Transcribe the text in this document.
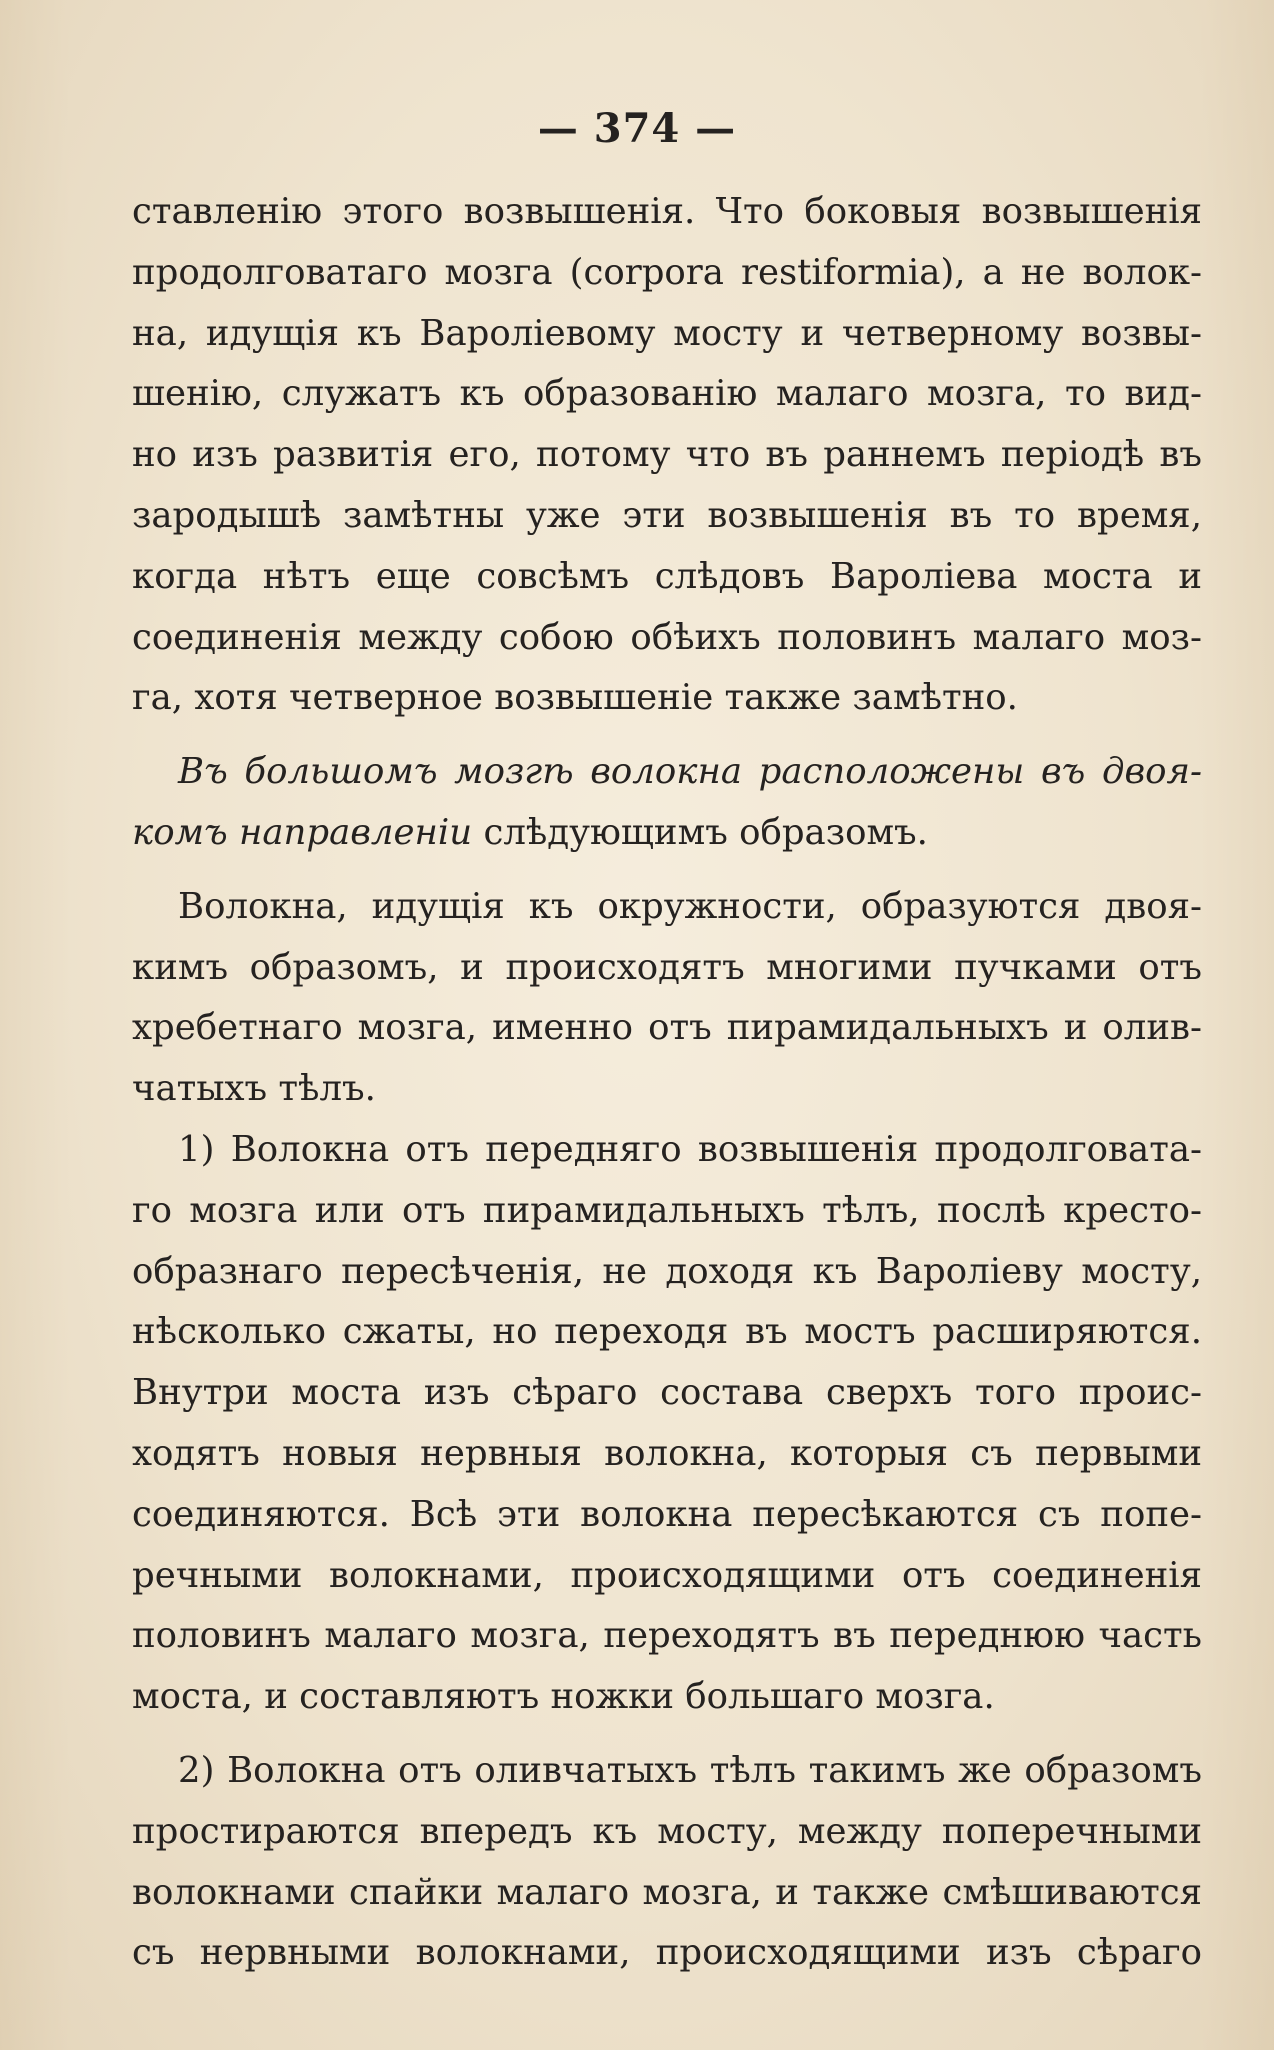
— 374 —
ставленію этого возвышенія. Что боковыя возвышенія
продолговатаго мозга (corpora restiformia), а не волок-
на, идущія къ Вароліевому мосту и четверному возвы-
шенію, служатъ къ образованію малаго мозга, то вид-
но изъ развитія его, потому что въ раннемъ періодѣ въ
зародышѣ замѣтны уже эти возвышенія въ то время,
когда нѣтъ еще совсѣмъ слѣдовъ Вароліева моста и
соединенія между собою обѣихъ половинъ малаго моз-
га, хотя четверное возвышеніе также замѣтно.
Въ большомъ мозгѣ волокна расположены въ двоя-
комъ направленіи слѣдующимъ образомъ.
Волокна, идущія къ окружности, образуются двоя-
кимъ образомъ, и происходятъ многими пучками отъ
хребетнаго мозга, именно отъ пирамидальныхъ и олив-
чатыхъ тѣлъ.
1) Волокна отъ передняго возвышенія продолговата-
го мозга или отъ пирамидальныхъ тѣлъ, послѣ кресто-
образнаго пересѣченія, не доходя къ Вароліеву мосту,
нѣсколько сжаты, но переходя въ мостъ расширяются.
Внутри моста изъ сѣраго состава сверхъ того проис-
ходятъ новыя нервныя волокна, которыя съ первыми
соединяются. Всѣ эти волокна пересѣкаются съ попе-
речными волокнами, происходящими отъ соединенія
половинъ малаго мозга, переходятъ въ переднюю часть
моста, и составляютъ ножки большаго мозга.
2) Волокна отъ оливчатыхъ тѣлъ такимъ же образомъ
простираются впередъ къ мосту, между поперечными
волокнами спайки малаго мозга, и также смѣшиваются
съ нервными волокнами, происходящими изъ сѣраго
